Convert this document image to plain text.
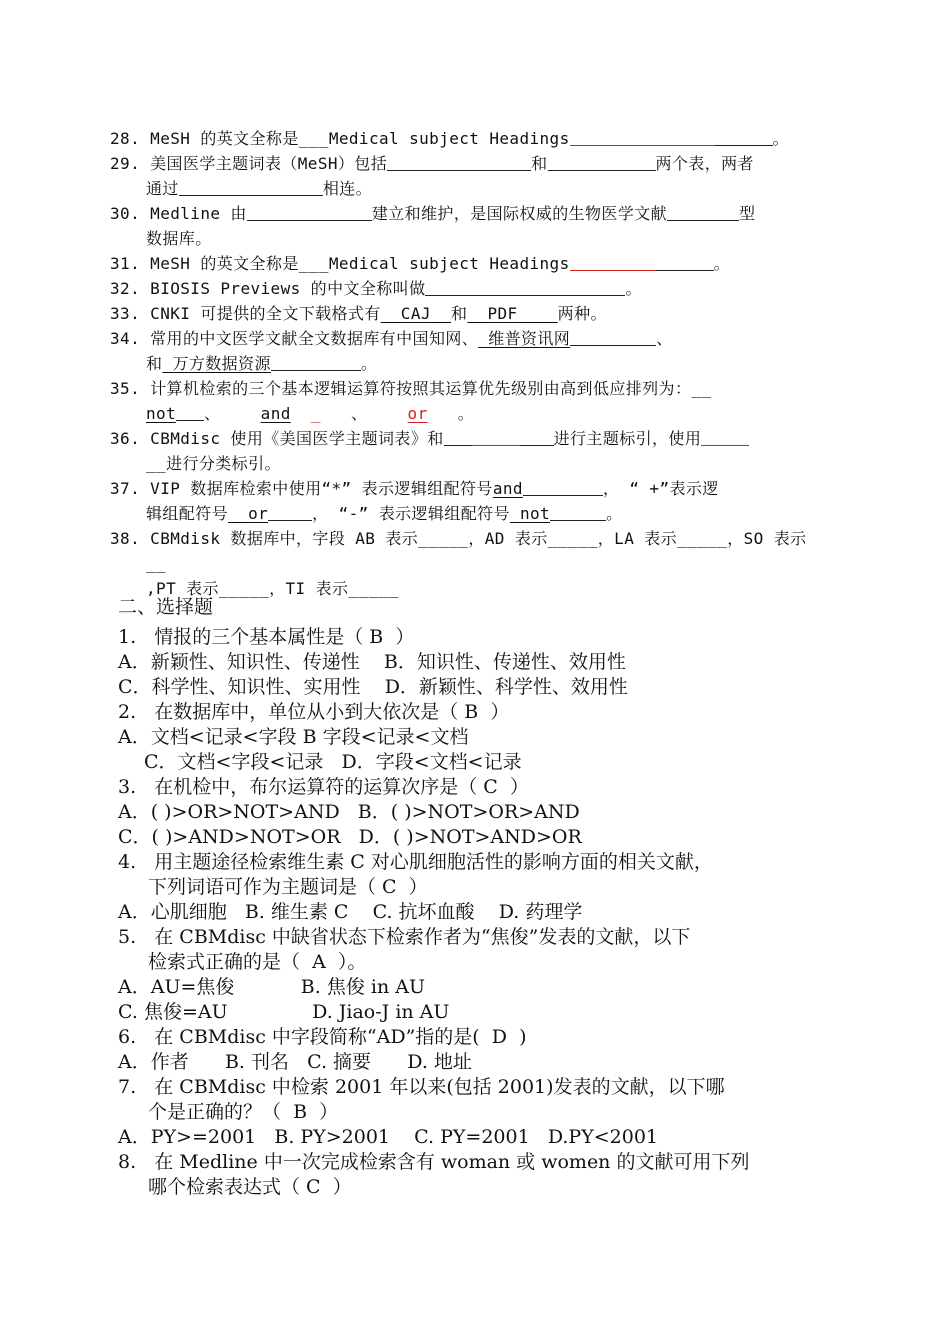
28. MeSH 的英文全称是___Medical subject Headings	。
29. 美国医学主题词表（MeSH）包括	和	两个表，两者
通过	相连。
30. Medline 由	建立和维护，是国际权威的生物医学文献	型
数据库。
31. MeSH 的英文全称是___Medical subject Headings	。
32. BIOSIS Previews 的中文全称叫做	。
33. CNKI 可提供的全文下载格式有__CAJ__和__PDF____两种。
34. 常用的中文医学文献全文数据库有中国知网、 维普资讯网	、
和 万方数据资源	。
35. 计算机检索的三个基本逻辑运算符按照其运算优先级别由高到低应排列为：__
not 、	and _ 、	or 。
36. CBMdisc 使用《美国医学主题词表》和	进行主题标引，使用
__进行分类标引。
37. VIP 数据库检索中使用“*” 表示逻辑组配符号and	， “ +”表示逻
辑组配符号__or	， “-” 表示逻辑组配符号 not	。
38. CBMdisk 数据库中，字段 AB 表示_____，AD 表示_____，LA 表示_____，SO 表示__
,PT 表示_____，TI 表示_____
二、选择题
1.   情报的三个基本属性是（ B  ）
A．新颖性、知识性、传递性    B．知识性、传递性、效用性
C．科学性、知识性、实用性    D．新颖性、科学性、效用性
2.   在数据库中，单位从小到大依次是（ B  ）
A．文档<记录<字段 B 字段<记录<文档
C．文档<字段<记录   D．字段<文档<记录
3.   在机检中，布尔运算符的运算次序是（ C  ）
A．( )>OR>NOT>AND   B．( )>NOT>OR>AND
C．( )>AND>NOT>OR   D．( )>NOT>AND>OR
4.   用主题途径检索维生素 C 对心肌细胞活性的影响方面的相关文献，
下列词语可作为主题词是（ C  ）
A．心肌细胞   B. 维生素 C    C. 抗坏血酸    D. 药理学
5.   在 CBMdisc 中缺省状态下检索作者为“焦俊”发表的文献，以下
检索式正确的是（  A  ）。
A．AU=焦俊           B. 焦俊 in AU
C. 焦俊=AU              D. Jiao-J in AU
6.   在 CBMdisc 中字段简称“AD”指的是(  D  )
A．作者      B. 刊名   C. 摘要      D. 地址
7.   在 CBMdisc 中检索 2001 年以来(包括 2001)发表的文献，以下哪
个是正确的？（  B  ）
A．PY>=2001   B. PY>2001    C. PY=2001   D.PY<2001
8.   在 Medline 中一次完成检索含有 woman 或 women 的文献可用下列
哪个检索表达式（ C  ）
